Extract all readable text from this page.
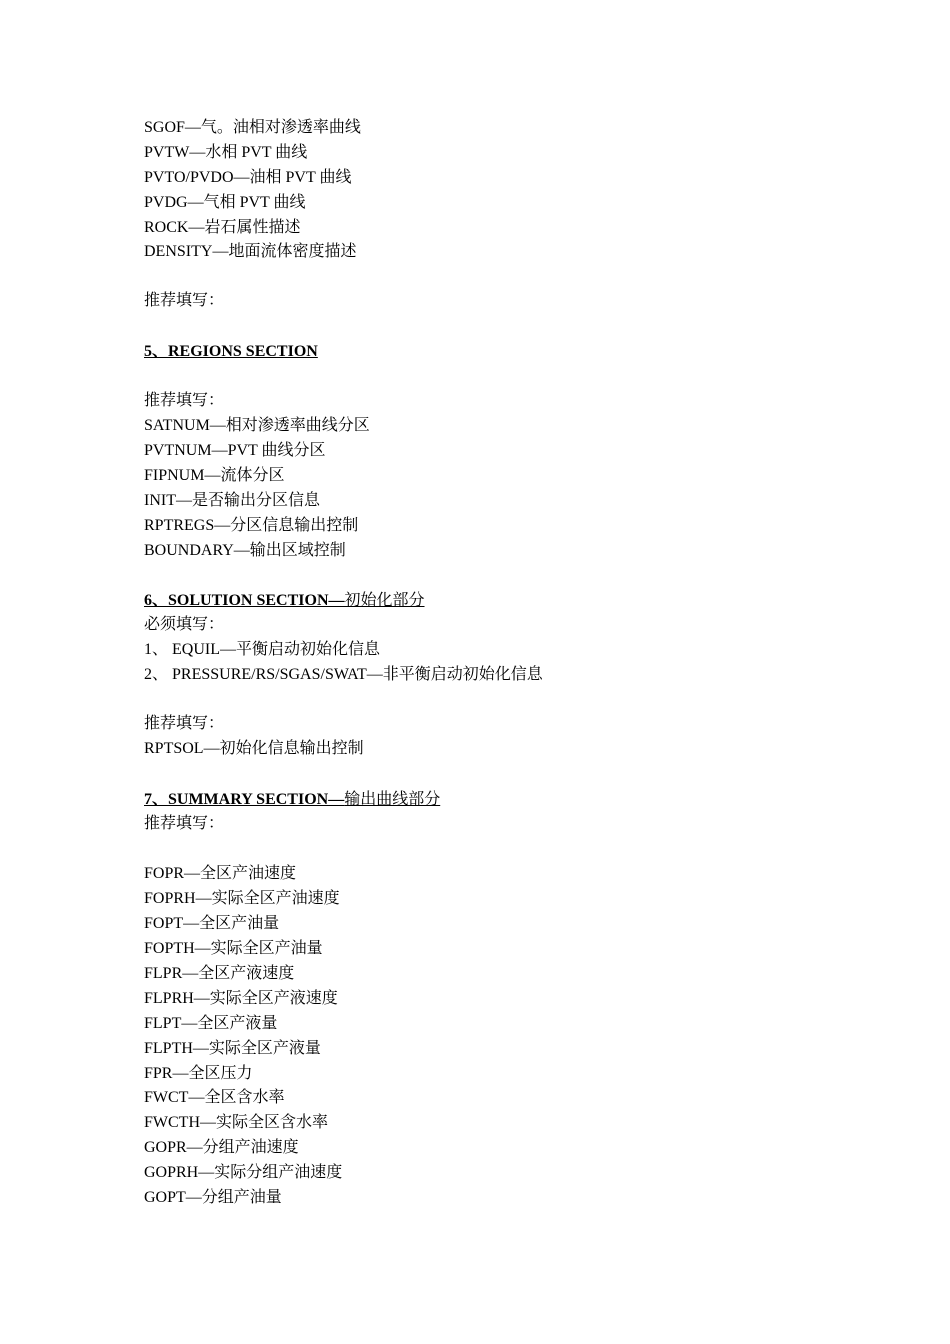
SGOF—气。油相对渗透率曲线
PVTW—水相 PVT 曲线
PVTO/PVDO—油相 PVT 曲线
PVDG—气相 PVT 曲线
ROCK—岩石属性描述
DENSITY—地面流体密度描述
推荐填写：
5、REGIONS SECTION
推荐填写：
SATNUM—相对渗透率曲线分区
PVTNUM—PVT 曲线分区
FIPNUM—流体分区
INIT—是否输出分区信息
RPTREGS—分区信息输出控制
BOUNDARY—输出区域控制
6、SOLUTION SECTION—初始化部分
必须填写：
1、 EQUIL—平衡启动初始化信息
2、 PRESSURE/RS/SGAS/SWAT—非平衡启动初始化信息
推荐填写：
RPTSOL—初始化信息输出控制
7、SUMMARY SECTION—输出曲线部分
推荐填写：
FOPR—全区产油速度
FOPRH—实际全区产油速度
FOPT—全区产油量
FOPTH—实际全区产油量
FLPR—全区产液速度
FLPRH—实际全区产液速度
FLPT—全区产液量
FLPTH—实际全区产液量
FPR—全区压力
FWCT—全区含水率
FWCTH—实际全区含水率
GOPR—分组产油速度
GOPRH—实际分组产油速度
GOPT—分组产油量
